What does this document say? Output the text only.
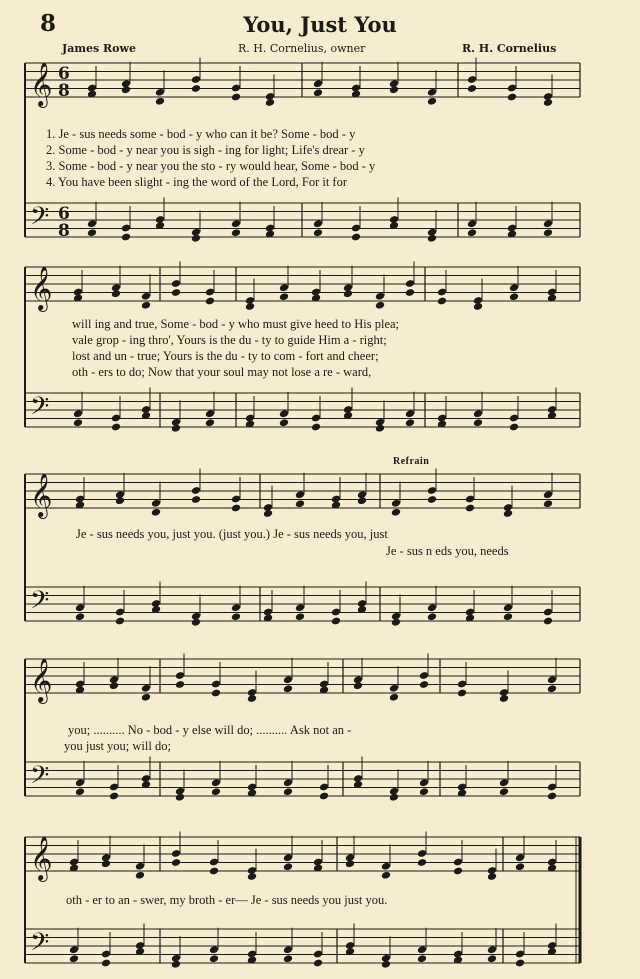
8	You, Just You
James Rowe	R. H. Cornelius, owner	R. H. Cornelius
𝄞
𝄢
𝄞
𝄢
𝄞
𝄢
𝄞
𝄢
𝄞
𝄢
6
6
8
8
1. Je - sus needs some - bod - y who can it be? Some - bod - y
2. Some - bod - y near you is sigh - ing for light; Life's drear - y
3. Some - bod - y near you the sto - ry would hear, Some - bod - y
4. You have been slight - ing the word of the Lord, For it for
will ing and true, Some - bod - y who must give heed to His plea;
vale grop - ing thro', Yours is the du - ty to guide Him a - right;
lost and un - true; Yours is the du - ty to com - fort and cheer;
oth - ers to do; Now that your soul may not lose a re - ward,
Refrain
Je - sus needs you, just you. (just you.) Je - sus needs you, just
Je - sus n eds you, needs
you; .......... No - bod - y else will do; .......... Ask not an -
you just you; will do;
oth - er to an - swer, my broth - er— Je - sus needs you just you.
